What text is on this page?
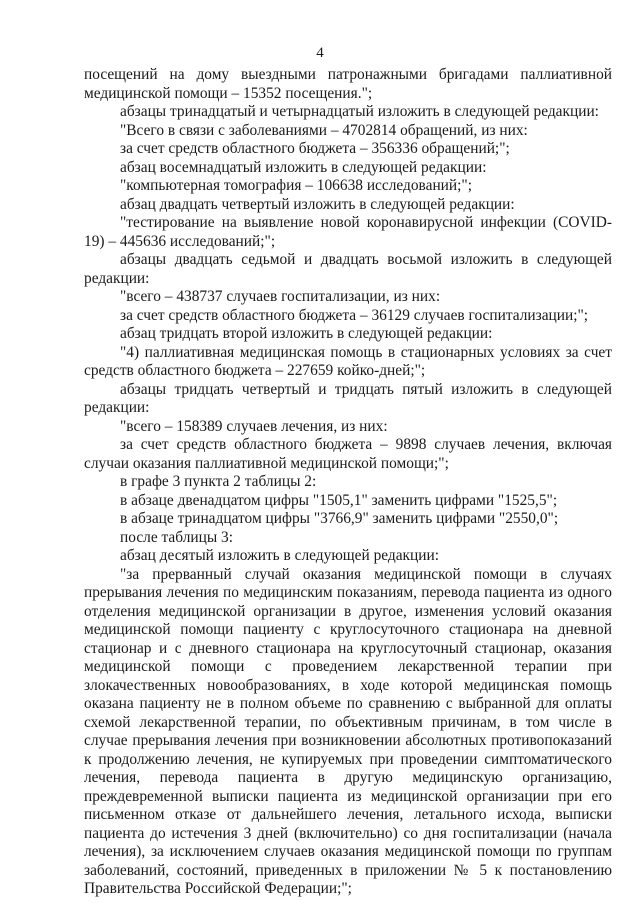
4

посещений на дому выездными патронажными бригадами паллиативной медицинской помощи – 15352 посещения.";

абзацы тринадцатый и четырнадцатый изложить в следующей редакции:

"Всего в связи с заболеваниями – 4702814 обращений, из них:

за счет средств областного бюджета – 356336 обращений;";

абзац восемнадцатый изложить в следующей редакции:

"компьютерная томография – 106638 исследований;";

абзац двадцать четвертый изложить в следующей редакции:

"тестирование на выявление новой коронавирусной инфекции (COVID-19) – 445636 исследований;";

абзацы двадцать седьмой и двадцать восьмой изложить в следующей редакции:

"всего – 438737 случаев госпитализации, из них:

за счет средств областного бюджета – 36129 случаев госпитализации;";

абзац тридцать второй изложить в следующей редакции:

"4) паллиативная медицинская помощь в стационарных условиях за счет средств областного бюджета – 227659 койко-дней;";

абзацы тридцать четвертый и тридцать пятый изложить в следующей редакции:

"всего – 158389 случаев лечения, из них:

за счет средств областного бюджета – 9898 случаев лечения, включая случаи оказания паллиативной медицинской помощи;";

в графе 3 пункта 2 таблицы 2:

в абзаце двенадцатом цифры "1505,1" заменить цифрами "1525,5";

в абзаце тринадцатом цифры "3766,9" заменить цифрами "2550,0";

после таблицы 3:

абзац десятый изложить в следующей редакции:

"за прерванный случай оказания медицинской помощи в случаях прерывания лечения по медицинским показаниям, перевода пациента из одного отделения медицинской организации в другое, изменения условий оказания медицинской помощи пациенту с круглосуточного стационара на дневной стационар и с дневного стационара на круглосуточный стационар, оказания медицинской помощи с проведением лекарственной терапии при злокачественных новообразованиях, в ходе которой медицинская помощь оказана пациенту не в полном объеме по сравнению с выбранной для оплаты схемой лекарственной терапии, по объективным причинам, в том числе в случае прерывания лечения при возникновении абсолютных противопоказаний к продолжению лечения, не купируемых при проведении симптоматического лечения, перевода пациента в другую медицинскую организацию, преждевременной выписки пациента из медицинской организации при его письменном отказе от дальнейшего лечения, летального исхода, выписки пациента до истечения 3 дней (включительно) со дня госпитализации (начала лечения), за исключением случаев оказания медицинской помощи по группам заболеваний, состояний, приведенных в приложении № 5 к постановлению Правительства Российской Федерации;";
